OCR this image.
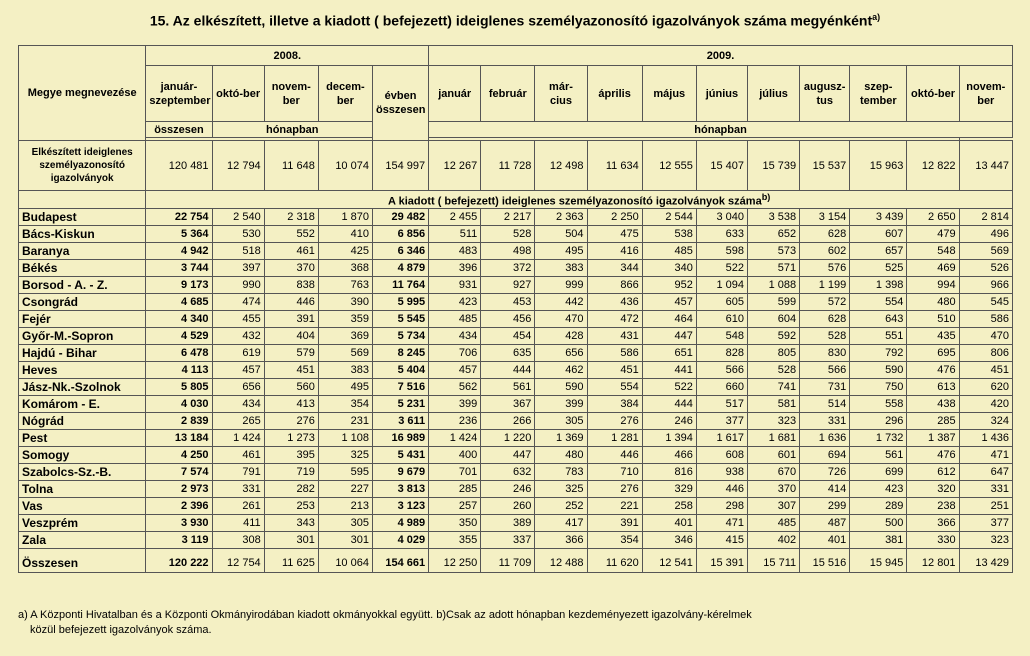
15. Az elkészített, illetve a kiadott ( befejezett) ideiglenes személyazonosító igazolványok száma megyénként$^{a)}$
Megye megnevezése	2008.					2009.										
	január-szeptember	októ-ber	novem-ber	decem-ber	évben összesen	január	február	már-cius	április	május	június	július	augusz-tus	szep-tember	októ-ber	novem-ber
	összesen	hónapban				hónapban										

Elkészített ideiglenes személyazonosító igazolványok	120 481	12 794	11 648	10 074	154 997	12 267	11 728	12 498	11 634	12 555	15 407	15 739	15 537	15 963	12 822	13 447
	A kiadott ( befejezett) ideiglenes személyazonosító igazolványok száma$^{b)}$
Budapest	22 754	2 540	2 318	1 870	29 482	2 455	2 217	2 363	2 250	2 544	3 040	3 538	3 154	3 439	2 650	2 814
Bács-Kiskun	5 364	530	552	410	6 856	511	528	504	475	538	633	652	628	607	479	496
Baranya	4 942	518	461	425	6 346	483	498	495	416	485	598	573	602	657	548	569
Békés	3 744	397	370	368	4 879	396	372	383	344	340	522	571	576	525	469	526
Borsod - A. - Z.	9 173	990	838	763	11 764	931	927	999	866	952	1 094	1 088	1 199	1 398	994	966
Csongrád	4 685	474	446	390	5 995	423	453	442	436	457	605	599	572	554	480	545
Fejér	4 340	455	391	359	5 545	485	456	470	472	464	610	604	628	643	510	586
Győr-M.-Sopron	4 529	432	404	369	5 734	434	454	428	431	447	548	592	528	551	435	470
Hajdú - Bihar	6 478	619	579	569	8 245	706	635	656	586	651	828	805	830	792	695	806
Heves	4 113	457	451	383	5 404	457	444	462	451	441	566	528	566	590	476	451
Jász-Nk.-Szolnok	5 805	656	560	495	7 516	562	561	590	554	522	660	741	731	750	613	620
Komárom - E.	4 030	434	413	354	5 231	399	367	399	384	444	517	581	514	558	438	420
Nógrád	2 839	265	276	231	3 611	236	266	305	276	246	377	323	331	296	285	324
Pest	13 184	1 424	1 273	1 108	16 989	1 424	1 220	1 369	1 281	1 394	1 617	1 681	1 636	1 732	1 387	1 436
Somogy	4 250	461	395	325	5 431	400	447	480	446	466	608	601	694	561	476	471
Szabolcs-Sz.-B.	7 574	791	719	595	9 679	701	632	783	710	816	938	670	726	699	612	647
Tolna	2 973	331	282	227	3 813	285	246	325	276	329	446	370	414	423	320	331
Vas	2 396	261	253	213	3 123	257	260	252	221	258	298	307	299	289	238	251
Veszprém	3 930	411	343	305	4 989	350	389	417	391	401	471	485	487	500	366	377
Zala	3 119	308	301	301	4 029	355	337	366	354	346	415	402	401	381	330	323
Összesen	120 222	12 754	11 625	10 064	154 661	12 250	11 709	12 488	11 620	12 541	15 391	15 711	15 516	15 945	12 801	13 429
a) A Központi Hivatalban és a Központi Okmányirodában kiadott okmányokkal együtt. b)Csak az adott hónapban kezdeményezett igazolvány-kérelmek
közül befejezett igazolványok száma.
